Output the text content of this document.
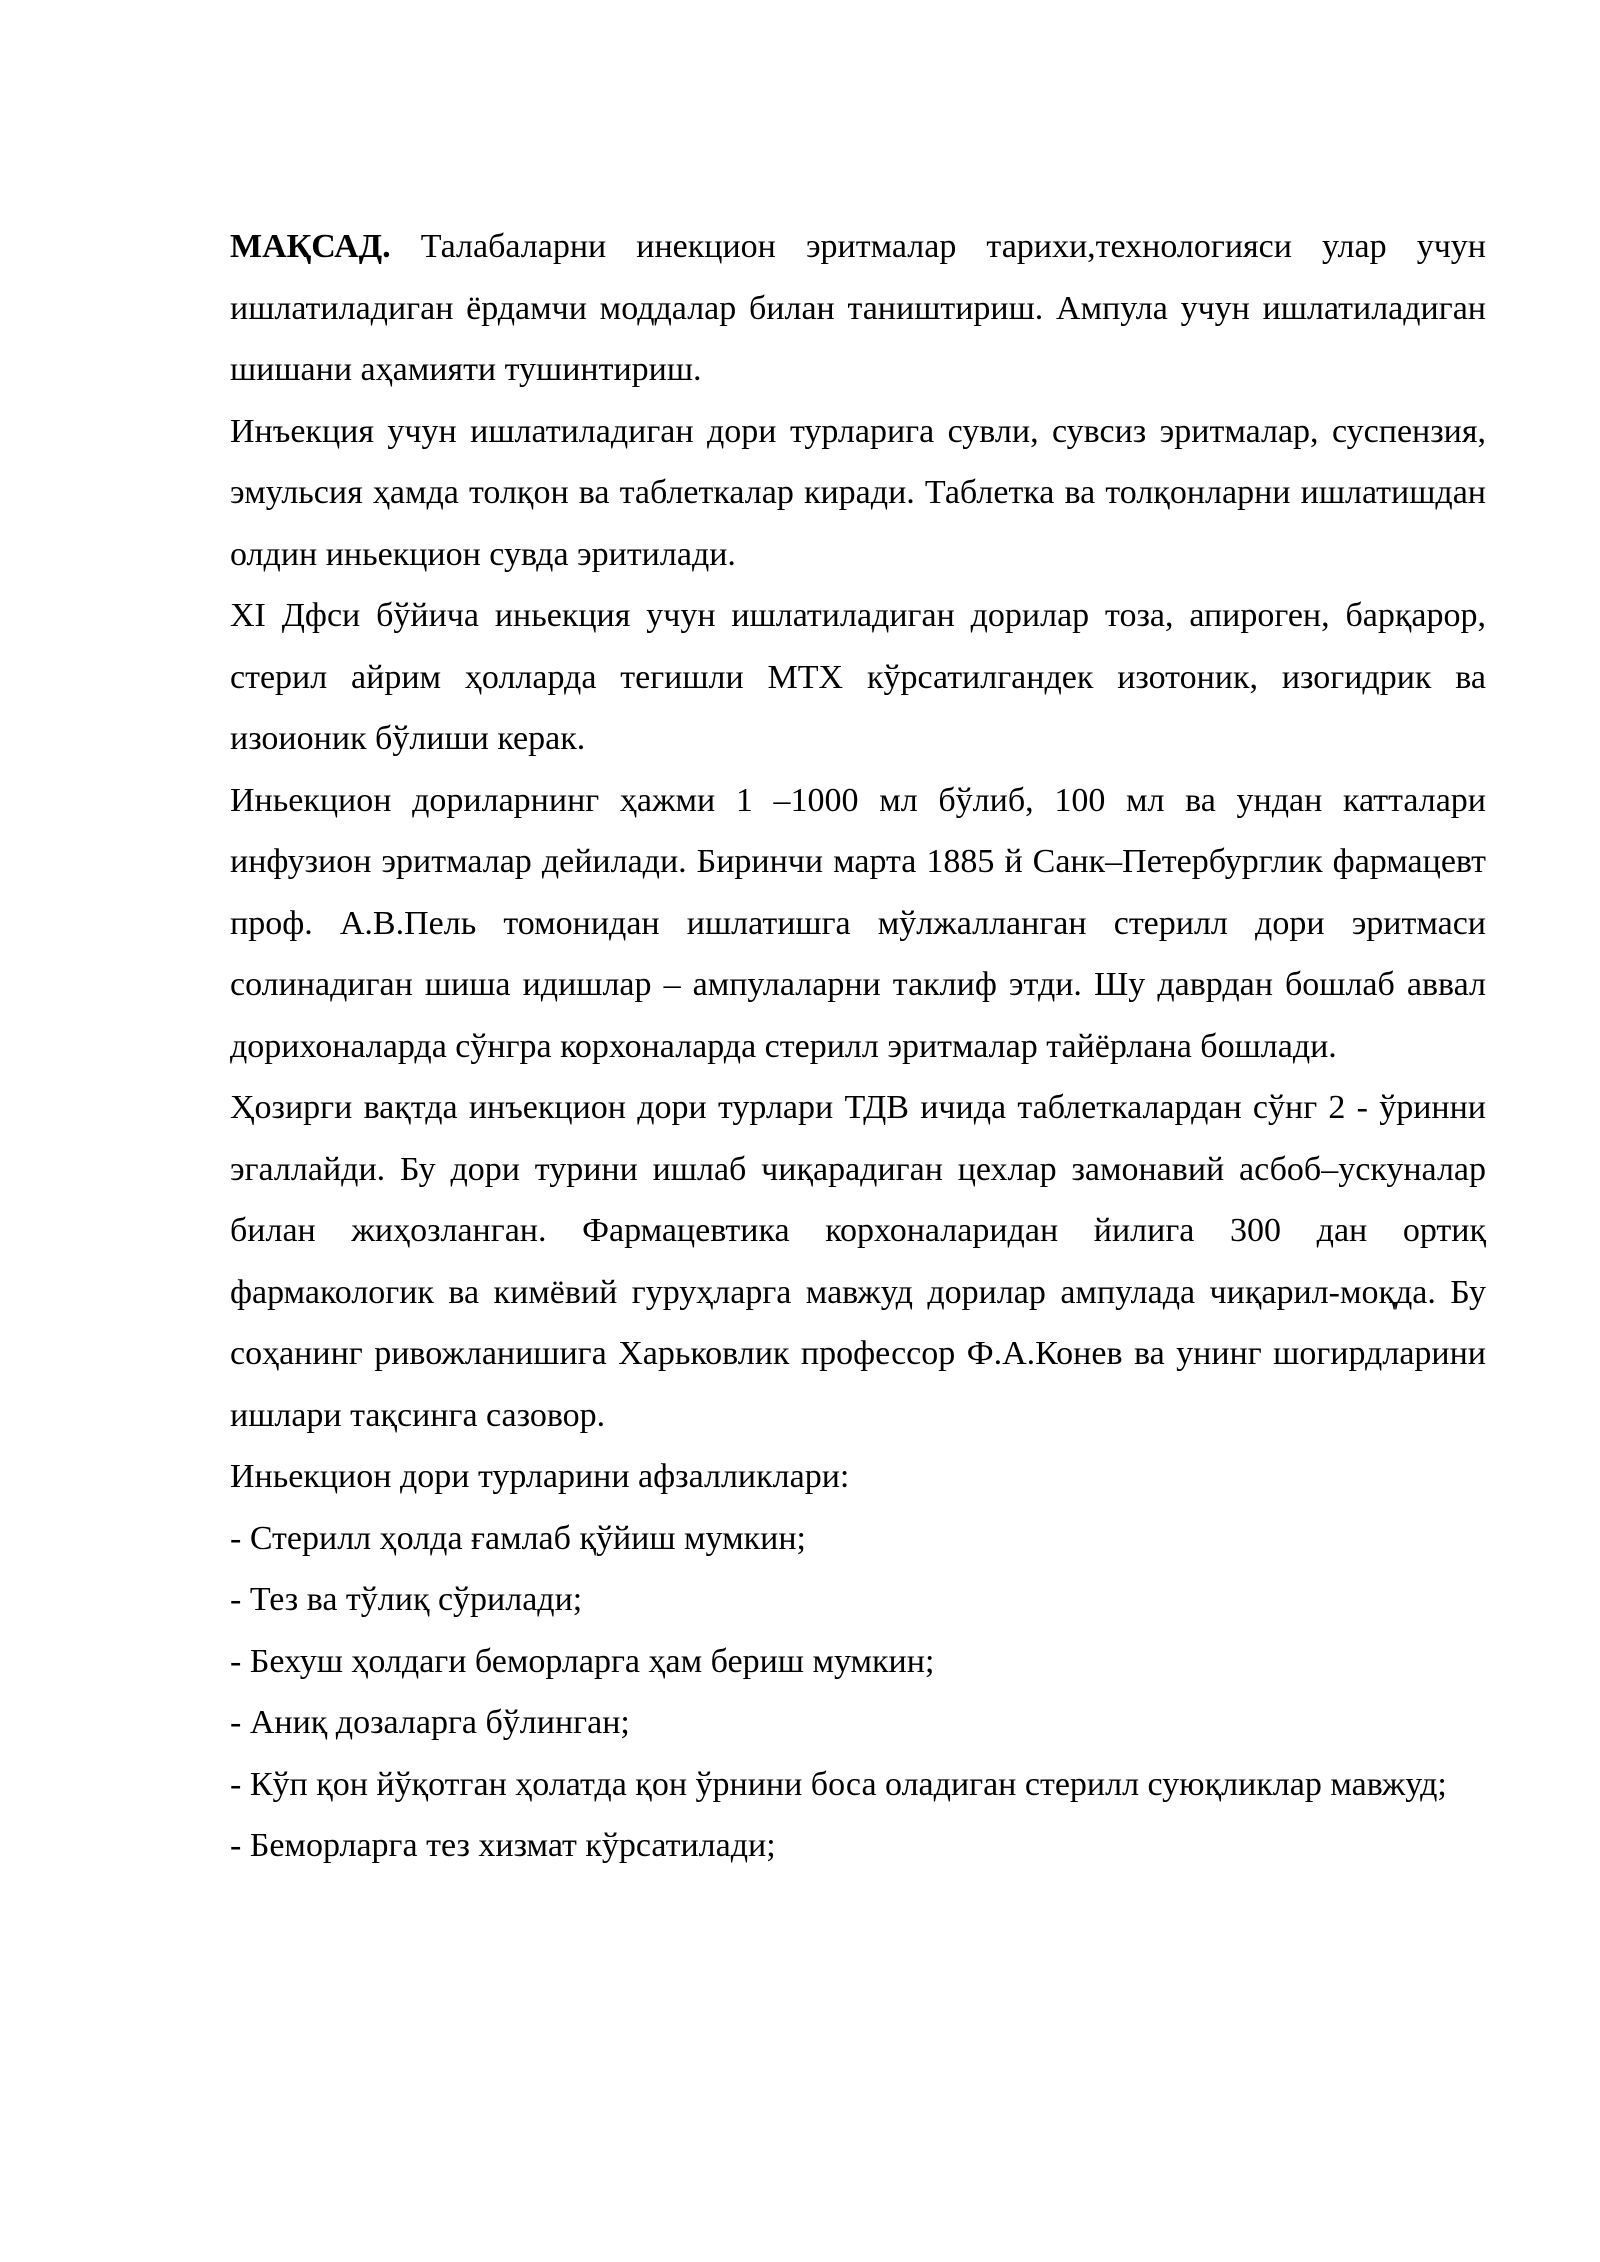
МАҚСАД. Талабаларни инекцион эритмалар тарихи,технологияси улар учун ишлатиладиган ёрдамчи моддалар билан таништириш. Ампула учун ишлатиладиган шишани аҳамияти тушинтириш.

Инъекция учун ишлатиладиган дори турларига сувли, сувсиз эритмалар, суспензия, эмульсия ҳамда толқон ва таблеткалар киради. Таблетка ва толқонларни ишлатишдан олдин иньекцион сувда эритилади.

XI Дфси бўйича иньекция учун ишлатиладиган дорилар тоза, апироген, барқарор, стерил айрим ҳолларда тегишли МТХ кўрсатилгандек изотоник, изогидрик ва изоионик бўлиши керак.

Иньекцион дориларнинг ҳажми 1 –1000 мл бўлиб, 100 мл ва ундан катталари инфузион эритмалар дейилади. Биринчи марта 1885 й Санк–Петербурглик фармацевт проф. А.В.Пель томонидан ишлатишга мўлжалланган стерилл дори эритмаси солинадиган шиша идишлар – ампулаларни таклиф этди. Шу даврдан бошлаб аввал дорихоналарда сўнгра корхоналарда стерилл эритмалар тайёрлана бошлади.

Ҳозирги вақтда инъекцион дори турлари ТДВ ичида таблеткалардан сўнг 2 - ўринни эгаллайди. Бу дори турини ишлаб чиқарадиган цехлар замонавий асбоб–ускуналар билан жиҳозланган. Фармацевтика корхоналаридан йилига 300 дан ортиқ фармакологик ва кимёвий гуруҳларга мавжуд дорилар ампулада чиқарил-моқда. Бу соҳанинг ривожланишига Харьковлик профессор Ф.А.Конев ва унинг шогирдларини ишлари тақсинга сазовор.

Иньекцион дори турларини афзалликлари:

- Стерилл ҳолда ғамлаб қўйиш мумкин;
- Тез ва тўлиқ сўрилади;
- Бехуш ҳолдаги беморларга ҳам бериш мумкин;
- Аниқ дозаларга бўлинган;
- Кўп қон йўқотган ҳолатда қон ўрнини боса оладиган стерилл суюқликлар мавжуд;
- Беморларга тез хизмат кўрсатилади;
